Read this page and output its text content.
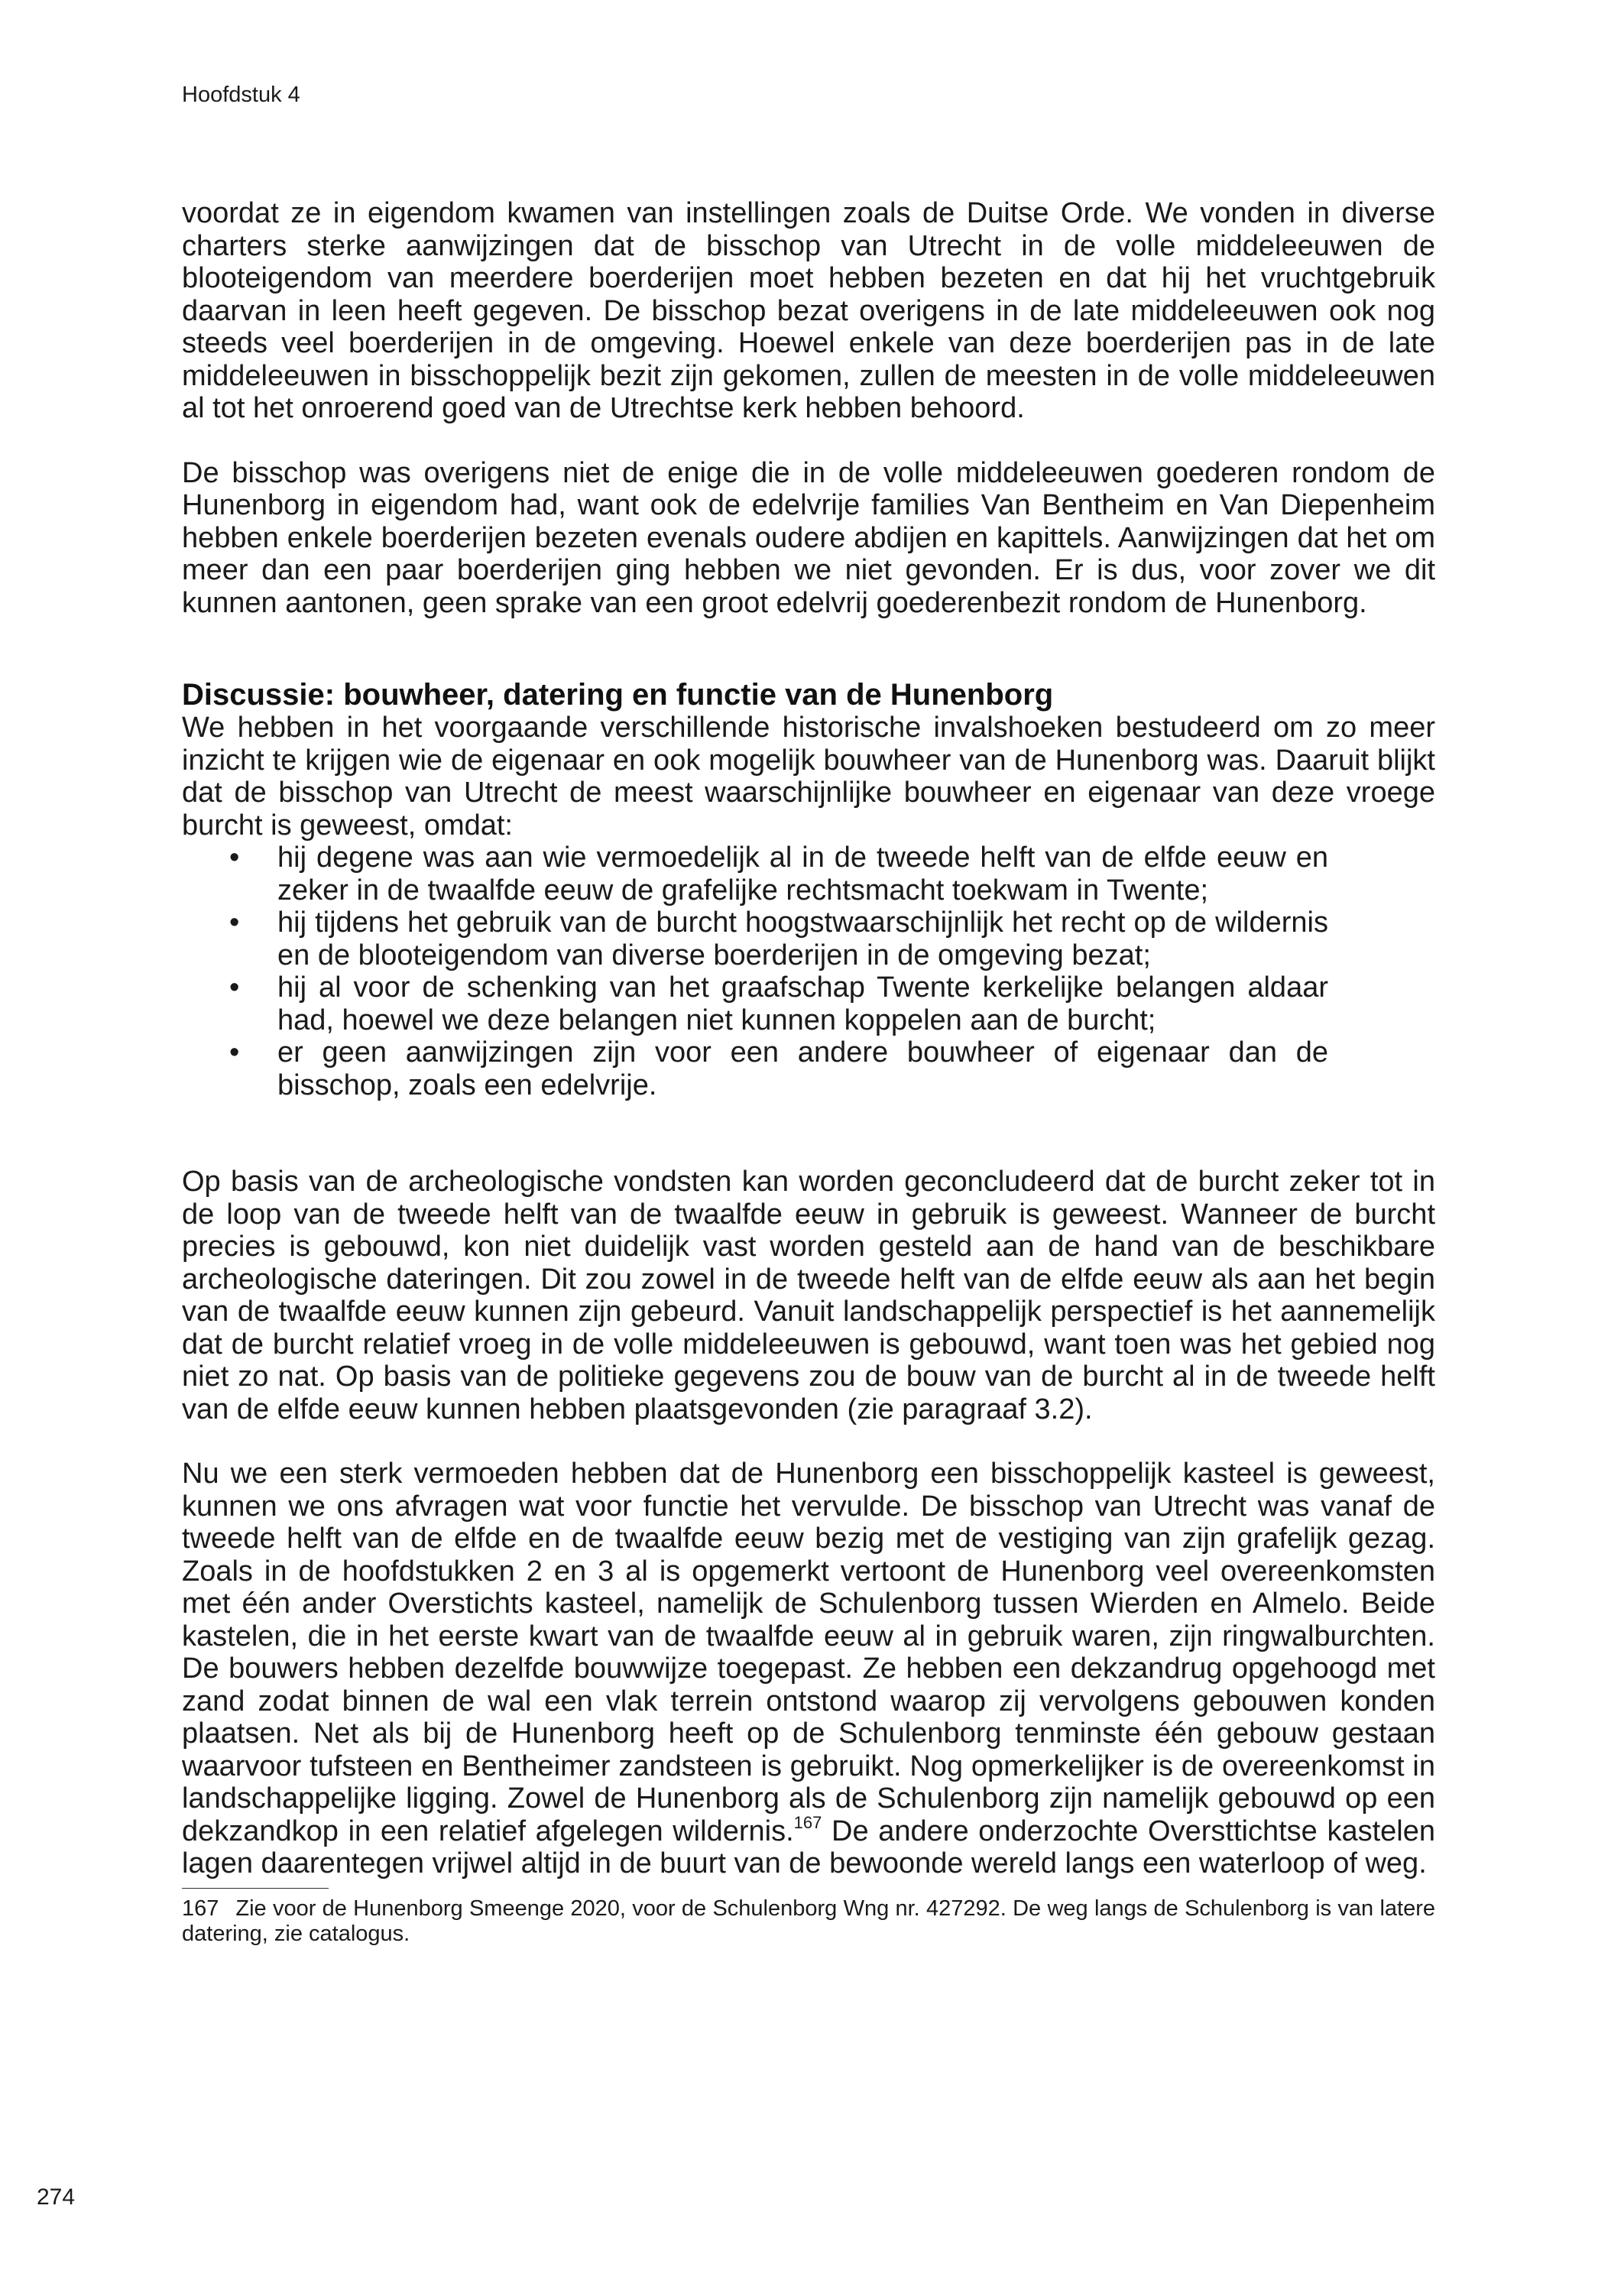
Hoofdstuk 4

voordat ze in eigendom kwamen van instellingen zoals de Duitse Orde. We vonden in diverse charters sterke aanwijzingen dat de bisschop van Utrecht in de volle middeleeuwen de blooteigendom van meerdere boerderijen moet hebben bezeten en dat hij het vruchtgebruik daarvan in leen heeft gegeven. De bisschop bezat overigens in de late middeleeuwen ook nog steeds veel boerderijen in de omgeving. Hoewel enkele van deze boerderijen pas in de late middeleeuwen in bisschoppelijk bezit zijn gekomen, zullen de meesten in de volle middeleeuwen al tot het onroerend goed van de Utrechtse kerk hebben behoord.

De bisschop was overigens niet de enige die in de volle middeleeuwen goederen rondom de Hunenborg in eigendom had, want ook de edelvrije families Van Bentheim en Van Diepenheim hebben enkele boerderijen bezeten evenals oudere abdijen en kapittels. Aanwijzingen dat het om meer dan een paar boerderijen ging hebben we niet gevonden. Er is dus, voor zover we dit kunnen aantonen, geen sprake van een groot edelvrij goederenbezit rondom de Hunenborg.

Discussie: bouwheer, datering en functie van de Hunenborg

We hebben in het voorgaande verschillende historische invalshoeken bestudeerd om zo meer inzicht te krijgen wie de eigenaar en ook mogelijk bouwheer van de Hunenborg was. Daaruit blijkt dat de bisschop van Utrecht de meest waarschijnlijke bouwheer en eigenaar van deze vroege burcht is geweest, omdat:

• hij degene was aan wie vermoedelijk al in de tweede helft van de elfde eeuw en zeker in de twaalfde eeuw de grafelijke rechtsmacht toekwam in Twente;
• hij tijdens het gebruik van de burcht hoogstwaarschijnlijk het recht op de wildernis en de blooteigendom van diverse boerderijen in de omgeving bezat;
• hij al voor de schenking van het graafschap Twente kerkelijke belangen aldaar had, hoewel we deze belangen niet kunnen koppelen aan de burcht;
• er geen aanwijzingen zijn voor een andere bouwheer of eigenaar dan de bisschop, zoals een edelvrije.

Op basis van de archeologische vondsten kan worden geconcludeerd dat de burcht zeker tot in de loop van de tweede helft van de twaalfde eeuw in gebruik is geweest. Wanneer de burcht precies is gebouwd, kon niet duidelijk vast worden gesteld aan de hand van de beschikbare archeologische dateringen. Dit zou zowel in de tweede helft van de elfde eeuw als aan het begin van de twaalfde eeuw kunnen zijn gebeurd. Vanuit landschappelijk perspectief is het aannemelijk dat de burcht relatief vroeg in de volle middeleeuwen is gebouwd, want toen was het gebied nog niet zo nat. Op basis van de politieke gegevens zou de bouw van de burcht al in de tweede helft van de elfde eeuw kunnen hebben plaatsgevonden (zie paragraaf 3.2).

Nu we een sterk vermoeden hebben dat de Hunenborg een bisschoppelijk kasteel is geweest, kunnen we ons afvragen wat voor functie het vervulde. De bisschop van Utrecht was vanaf de tweede helft van de elfde en de twaalfde eeuw bezig met de vestiging van zijn grafelijk gezag. Zoals in de hoofdstukken 2 en 3 al is opgemerkt vertoont de Hunenborg veel overeenkomsten met één ander Overstichts kasteel, namelijk de Schulenborg tussen Wierden en Almelo. Beide kastelen, die in het eerste kwart van de twaalfde eeuw al in gebruik waren, zijn ringwalburchten. De bouwers hebben dezelfde bouwwijze toegepast. Ze hebben een dekzandrug opgehoogd met zand zodat binnen de wal een vlak terrein ontstond waarop zij vervolgens gebouwen konden plaatsen. Net als bij de Hunenborg heeft op de Schulenborg tenminste één gebouw gestaan waarvoor tufsteen en Bentheimer zandsteen is gebruikt. Nog opmerkelijker is de overeenkomst in landschappelijke ligging. Zowel de Hunenborg als de Schulenborg zijn namelijk gebouwd op een dekzandkop in een relatief afgelegen wildernis.$^{167}$ De andere onderzochte Oversttichtse kastelen lagen daarentegen vrijwel altijd in de buurt van de bewoonde wereld langs een waterloop of weg.

167 Zie voor de Hunenborg Smeenge 2020, voor de Schulenborg Wng nr. 427292. De weg langs de Schulenborg is van latere datering, zie catalogus.
274
